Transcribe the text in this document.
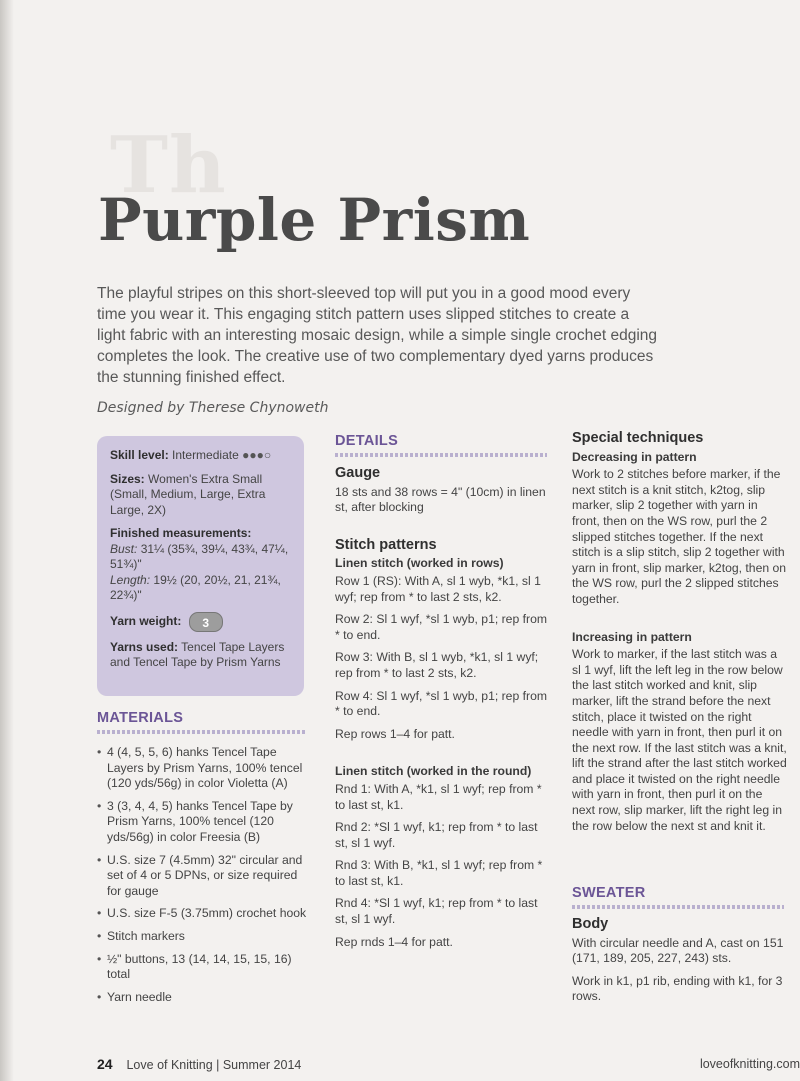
Th
Purple Prism

The playful stripes on this short-sleeved top will put you in a good mood every time you wear it. This engaging stitch pattern uses slipped stitches to create a light fabric with an interesting mosaic design, while a simple single crochet edging completes the look. The creative use of two complementary dyed yarns produces the stunning finished effect.

Designed by Therese Chynoweth

Skill level: Intermediate ●●●○
Sizes: Women's Extra Small (Small, Medium, Large, Extra Large, 2X)
Finished measurements:
Bust: 31¼ (35¾, 39¼, 43¾, 47¼, 51¾)"
Length: 19½ (20, 20½, 21, 21¾, 22¾)"
Yarn weight: 3
Yarns used: Tencel Tape Layers and Tencel Tape by Prism Yarns
MATERIALS
• 4 (4, 5, 5, 6) hanks Tencel Tape Layers by Prism Yarns, 100% tencel (120 yds/56g) in color Violetta (A)
• 3 (3, 4, 4, 5) hanks Tencel Tape by Prism Yarns, 100% tencel (120 yds/56g) in color Freesia (B)
• U.S. size 7 (4.5mm) 32" circular and set of 4 or 5 DPNs, or size required for gauge
• U.S. size F-5 (3.75mm) crochet hook
• Stitch markers
• ½" buttons, 13 (14, 14, 15, 15, 16) total
• Yarn needle
DETAILS
Gauge

18 sts and 38 rows = 4" (10cm) in linen st, after blocking

Stitch patterns
Linen stitch (worked in rows)

Row 1 (RS): With A, sl 1 wyb, *k1, sl 1 wyf; rep from * to last 2 sts, k2.

Row 2: Sl 1 wyf, *sl 1 wyb, p1; rep from * to end.

Row 3: With B, sl 1 wyb, *k1, sl 1 wyf; rep from * to last 2 sts, k2.

Row 4: Sl 1 wyf, *sl 1 wyb, p1; rep from * to end.

Rep rows 1–4 for patt.

Linen stitch (worked in the round)

Rnd 1: With A, *k1, sl 1 wyf; rep from * to last st, k1.

Rnd 2: *Sl 1 wyf, k1; rep from * to last st, sl 1 wyf.

Rnd 3: With B, *k1, sl 1 wyf; rep from * to last st, k1.

Rnd 4: *Sl 1 wyf, k1; rep from * to last st, sl 1 wyf.

Rep rnds 1–4 for patt.

Special techniques
Decreasing in pattern

Work to 2 stitches before marker, if the next stitch is a knit stitch, k2tog, slip marker, slip 2 together with yarn in front, then on the WS row, purl the 2 slipped stitches together. If the next stitch is a slip stitch, slip 2 together with yarn in front, slip marker, k2tog, then on the WS row, purl the 2 slipped stitches together.

Increasing in pattern

Work to marker, if the last stitch was a sl 1 wyf, lift the left leg in the row below the last stitch worked and knit, slip marker, lift the strand before the next stitch, place it twisted on the right needle with yarn in front, then purl it on the next row. If the last stitch was a knit, lift the strand after the last stitch worked and place it twisted on the right needle with yarn in front, then purl it on the next row, slip marker, lift the right leg in the row below the next st and knit it.

SWEATER
Body

With circular needle and A, cast on 151 (171, 189, 205, 227, 243) sts.

Work in k1, p1 rib, ending with k1, for 3 rows.

24 Love of Knitting | Summer 2014	loveofknitting.com
